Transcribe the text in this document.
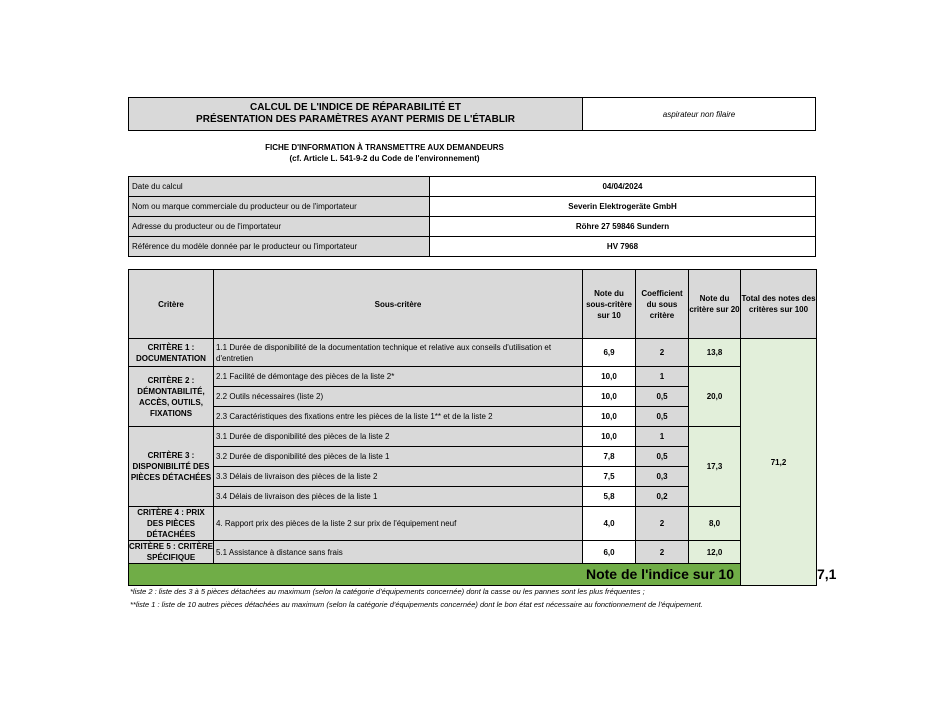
CALCUL DE L'INDICE DE RÉPARABILITÉ ET
PRÉSENTATION DES PARAMÈTRES AYANT PERMIS DE L'ÉTABLIR	aspirateur non filaire
FICHE D'INFORMATION À TRANSMETTRE AUX DEMANDEURS
(cf. Article L. 541-9-2 du Code de l'environnement)
Date du calcul	04/04/2024
Nom ou marque commerciale du producteur ou de l'importateur	Severin Elektrogeräte GmbH
Adresse du producteur ou de l'importateur	Röhre 27 59846 Sundern
Référence du modèle donnée par le producteur ou l'importateur	HV 7968
Critère	Sous-critère	Note du sous-critère sur 10	Coefficient du sous critère	Note du critère sur 20	Total des notes des critères sur 100	
CRITÈRE 1 : DOCUMENTATION	1.1 Durée de disponibilité de la documentation technique et relative aux conseils d'utilisation et d'entretien	6,9	2	13,8	71,2	
CRITÈRE 2 : DÉMONTABILITÉ, ACCÈS, OUTILS, FIXATIONS	2.1 Facilité de démontage des pièces de la liste 2*	10,0	1	20,0		
	2.2 Outils nécessaires (liste 2)	10,0	0,5			
	2.3 Caractéristiques des fixations entre les pièces de la liste 1** et de la liste 2	10,0	0,5			
CRITÈRE 3 : DISPONIBILITÉ DES PIÈCES DÉTACHÉES	3.1 Durée de disponibilité des pièces de la liste 2	10,0	1	17,3		
	3.2 Durée de disponibilité des pièces de la liste 1	7,8	0,5			
	3.3 Délais de livraison des pièces de la liste 2	7,5	0,3			
	3.4 Délais de livraison des pièces de la liste 1	5,8	0,2			
CRITÈRE 4 : PRIX DES PIÈCES DÉTACHÉES	4. Rapport prix des pièces de la liste 2 sur prix de l'équipement neuf	4,0	2	8,0		
CRITÈRE 5 : CRITÈRE SPÉCIFIQUE	5.1 Assistance à distance sans frais	6,0	2	12,0		
Note de l'indice sur 10						7,1
*liste 2 : liste des 3 à 5 pièces détachées au maximum (selon la catégorie d'équipements concernée) dont la casse ou les pannes sont les plus fréquentes ;
**liste 1 : liste de 10 autres pièces détachées au maximum (selon la catégorie d'équipements concernée) dont le bon état est nécessaire au fonctionnement de l'équipement.
